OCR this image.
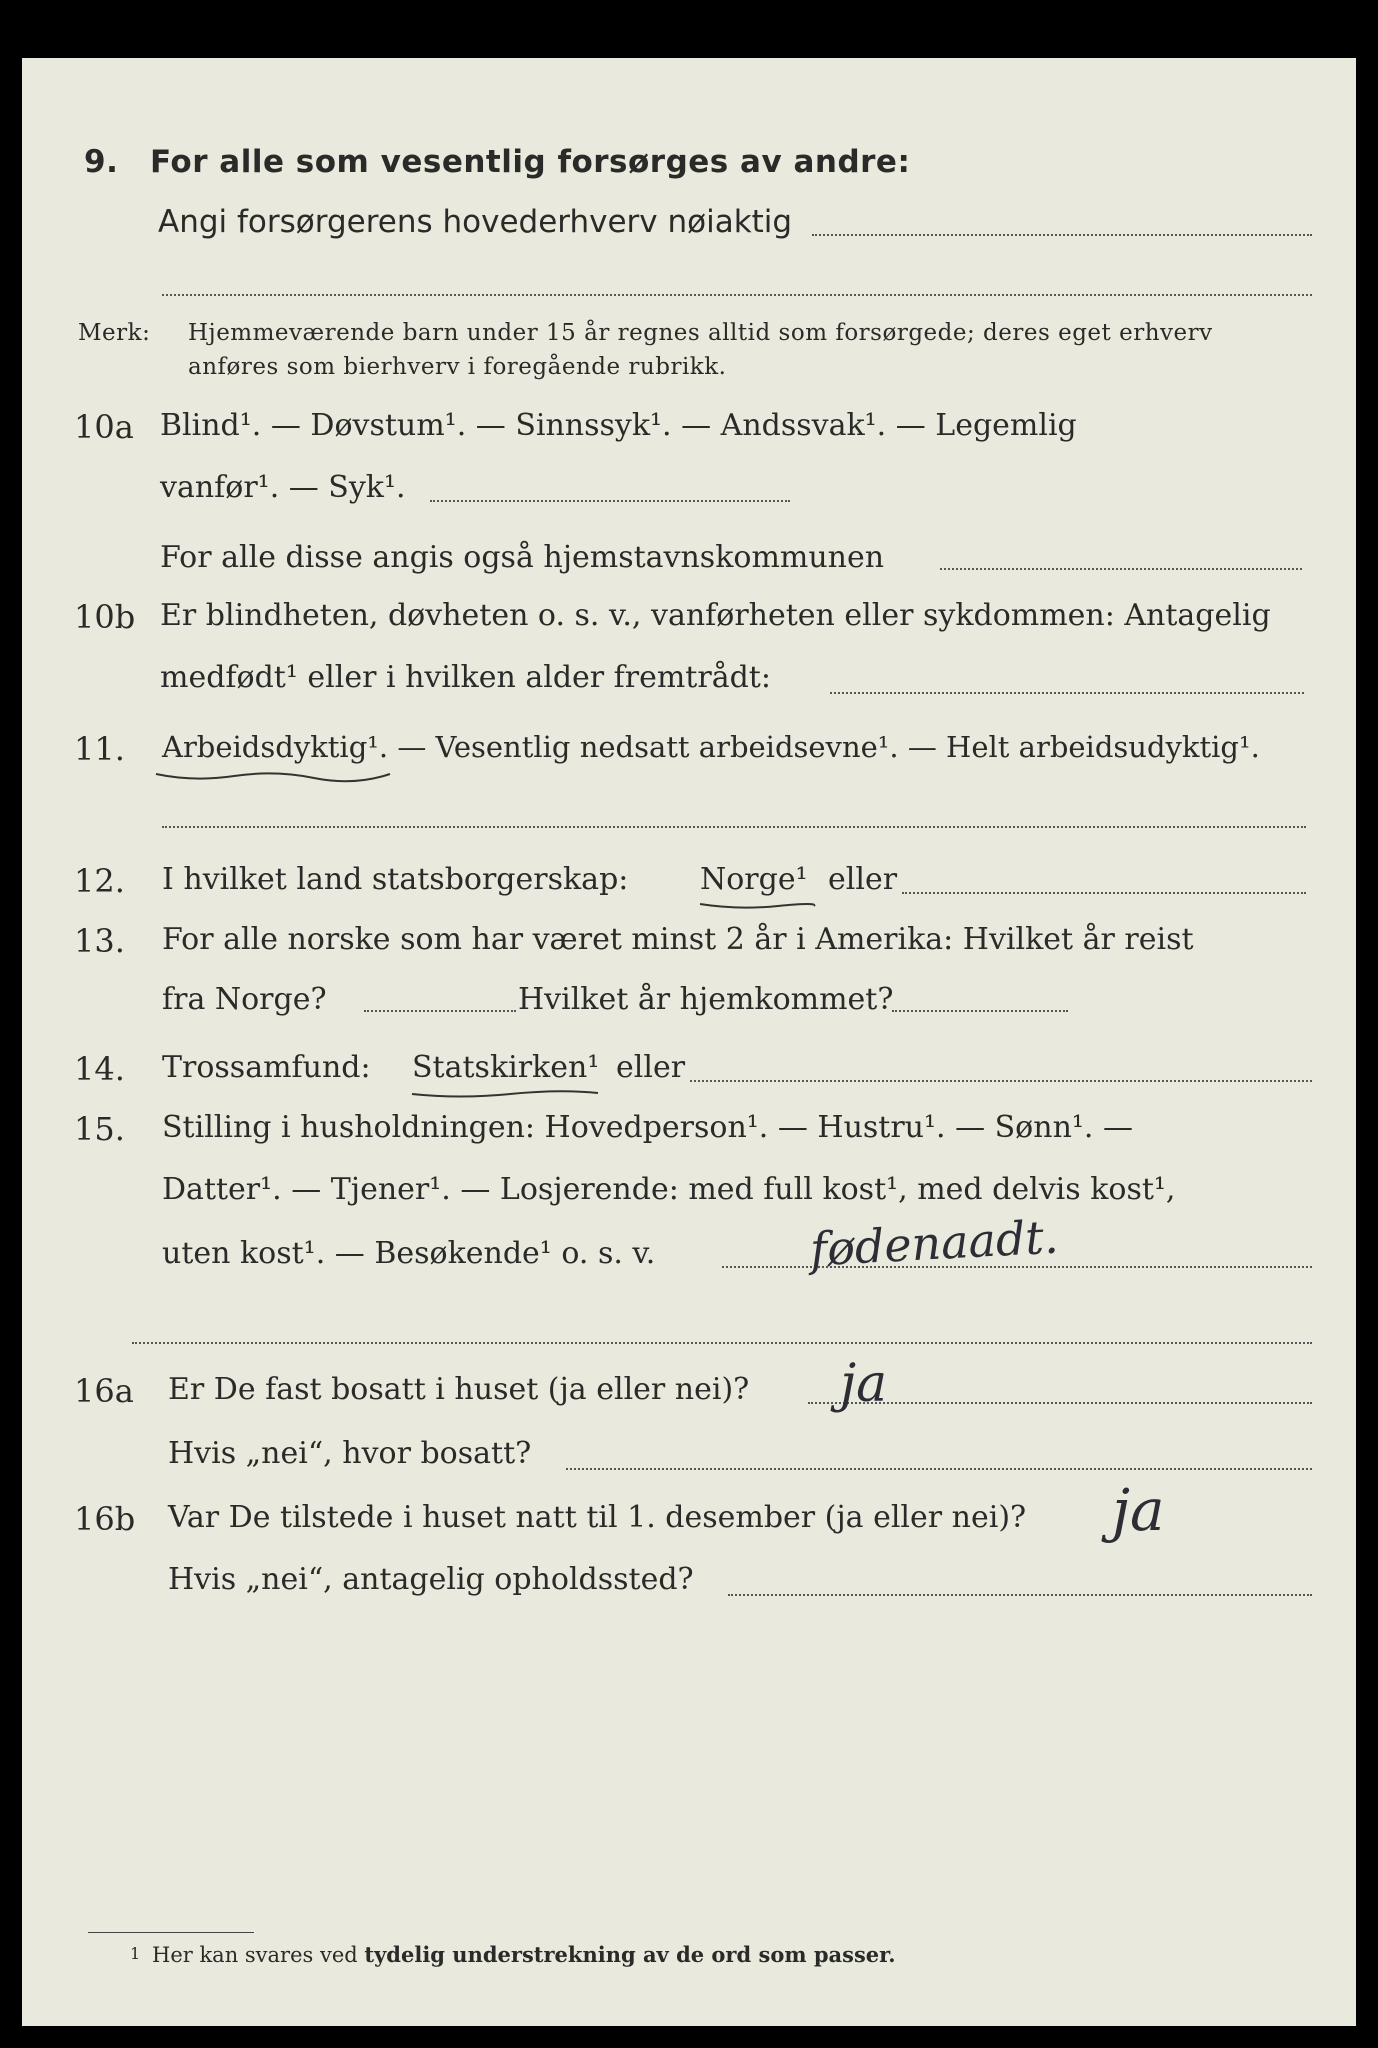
9. For alle som vesentlig forsørges av andre:
Angi forsørgerens hovederhverv nøiaktig
Merk: Hjemmeværende barn under 15 år regnes alltid som forsørgede; deres eget erhverv
anføres som bierhverv i foregående rubrikk.
10a Blind¹. — Døvstum¹. — Sinnssyk¹. — Andssvak¹. — Legemlig
vanfør¹. — Syk¹.
For alle disse angis også hjemstavnskommunen
10b Er blindheten, døvheten o. s. v., vanførheten eller sykdommen: Antagelig
medfødt¹ eller i hvilken alder fremtrådt:
11. Arbeidsdyktig¹. — Vesentlig nedsatt arbeidsevne¹. — Helt arbeidsudyktig¹.
12. I hvilket land statsborgerskap: Norge¹ eller
13. For alle norske som har været minst 2 år i Amerika: Hvilket år reist
fra Norge?	Hvilket år hjemkommet?
14. Trossamfund: Statskirken¹ eller
15. Stilling i husholdningen: Hovedperson¹. — Hustru¹. — Sønn¹. —
Datter¹. — Tjener¹. — Losjerende: med full kost¹, med delvis kost¹,
uten kost¹. — Besøkende¹ o. s. v.	fødenaadt.
16a Er De fast bosatt i huset (ja eller nei)? ja
Hvis „nei“, hvor bosatt?
16b Var De tilstede i huset natt til 1. desember (ja eller nei)? ja
Hvis „nei“, antagelig opholdssted?
1 Her kan svares ved tydelig understrekning av de ord som passer.
